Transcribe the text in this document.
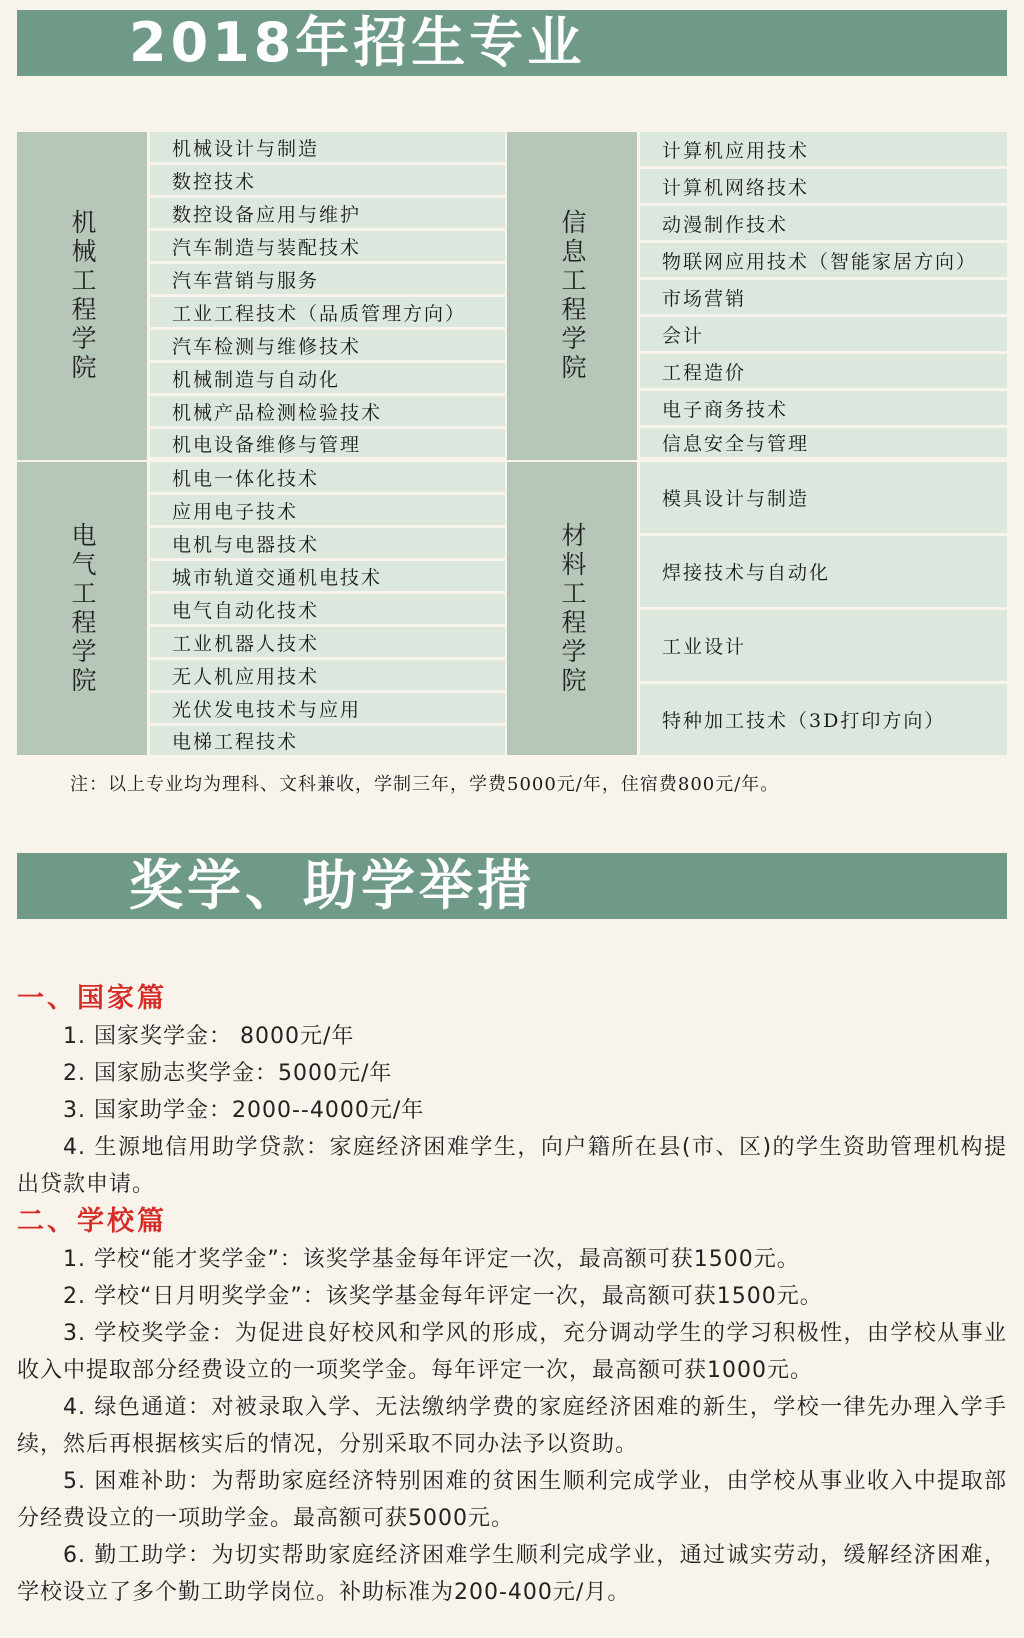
2018年招生专业
机械工程学院
机械设计与制造
数控技术
数控设备应用与维护
汽车制造与装配技术
汽车营销与服务
工业工程技术（品质管理方向）
汽车检测与维修技术
机械制造与自动化
机械产品检测检验技术
机电设备维修与管理
信息工程学院
计算机应用技术
计算机网络技术
动漫制作技术
物联网应用技术（智能家居方向）
市场营销
会计
工程造价
电子商务技术
信息安全与管理
电气工程学院
机电一体化技术
应用电子技术
电机与电器技术
城市轨道交通机电技术
电气自动化技术
工业机器人技术
无人机应用技术
光伏发电技术与应用
电梯工程技术
材料工程学院
模具设计与制造
焊接技术与自动化
工业设计
特种加工技术（3D打印方向）
注：以上专业均为理科、文科兼收，学制三年，学费5000元/年，住宿费800元/年。
奖学、助学举措
一、国家篇
1. 国家奖学金： 8000元/年
2. 国家励志奖学金：5000元/年
3. 国家助学金：2000--4000元/年
4. 生源地信用助学贷款：家庭经济困难学生，向户籍所在县(市、区)的学生资助管理机构提出贷款申请。
二、学校篇
1. 学校“能才奖学金”：该奖学基金每年评定一次，最高额可获1500元。
2. 学校“日月明奖学金”：该奖学基金每年评定一次，最高额可获1500元。
3. 学校奖学金：为促进良好校风和学风的形成，充分调动学生的学习积极性，由学校从事业收入中提取部分经费设立的一项奖学金。每年评定一次，最高额可获1000元。
4. 绿色通道：对被录取入学、无法缴纳学费的家庭经济困难的新生，学校一律先办理入学手续，然后再根据核实后的情况，分别采取不同办法予以资助。
5. 困难补助：为帮助家庭经济特别困难的贫困生顺利完成学业，由学校从事业收入中提取部分经费设立的一项助学金。最高额可获5000元。
6. 勤工助学：为切实帮助家庭经济困难学生顺利完成学业，通过诚实劳动，缓解经济困难，学校设立了多个勤工助学岗位。补助标准为200-400元/月。
